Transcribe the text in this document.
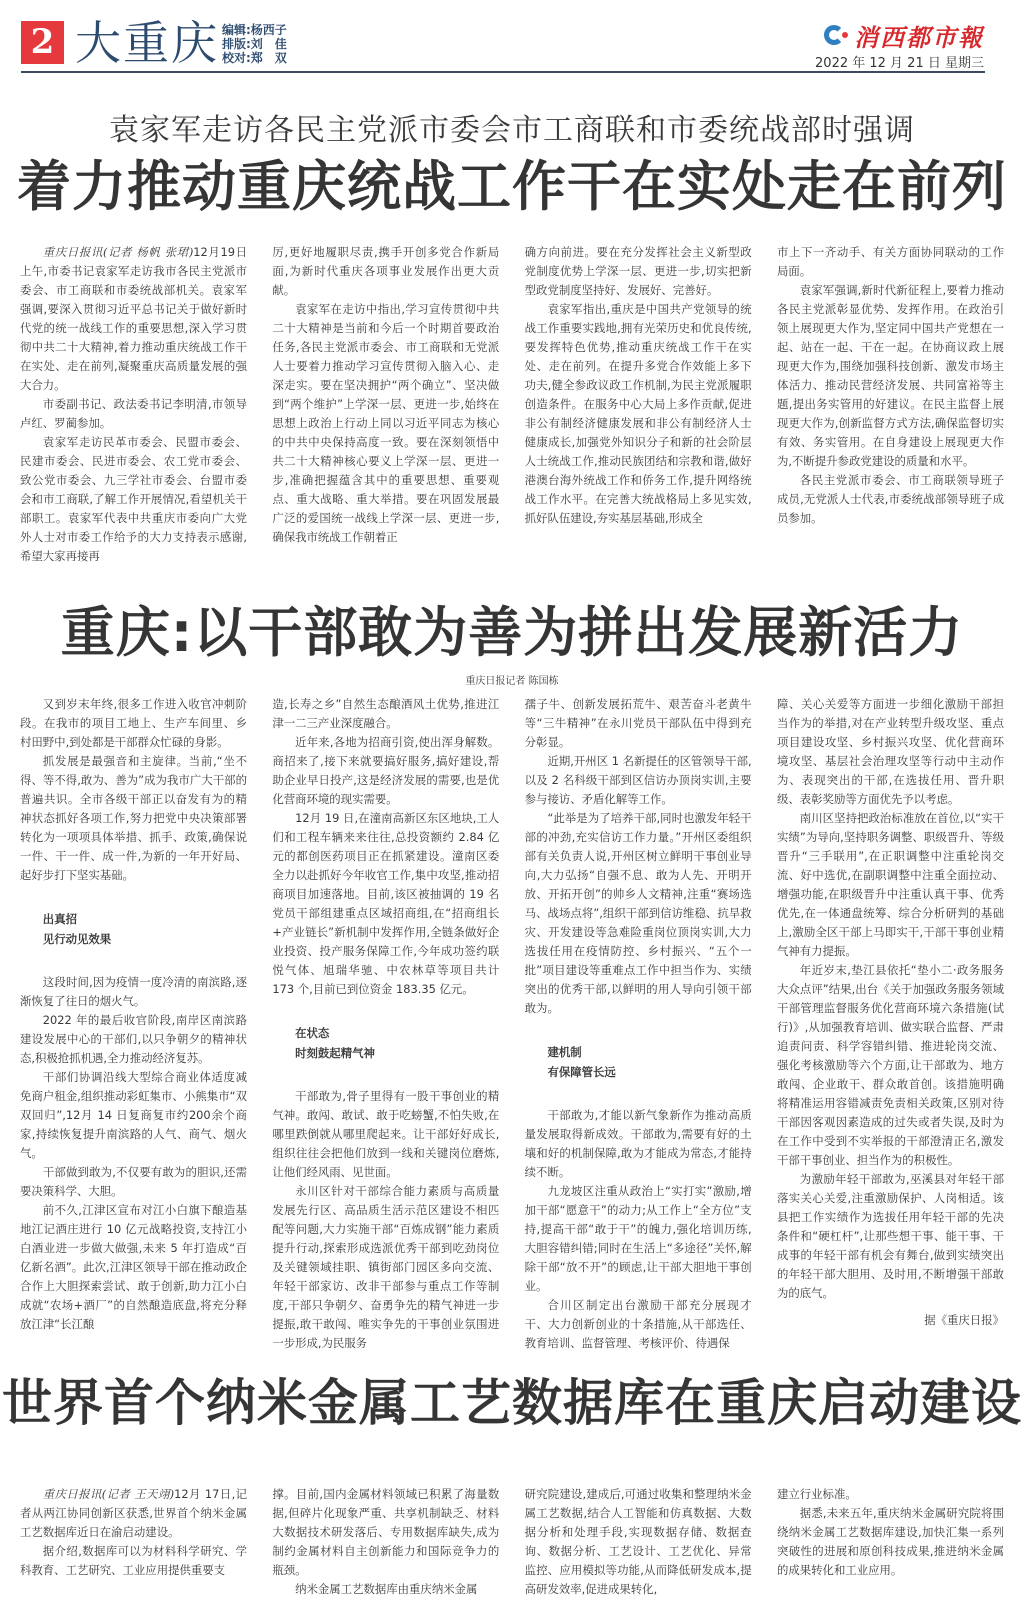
2 大重庆 编辑:杨西子
排版:刘　佳
校对:郑　双
消西都市報
2022 年 12 月 21 日 星期三
袁家军走访各民主党派市委会市工商联和市委统战部时强调
着力推动重庆统战工作干在实处走在前列

重庆日报讯(记者 杨帆 张珺)12月19日上午,市委书记袁家军走访我市各民主党派市委会、市工商联和市委统战部机关。袁家军强调,要深入贯彻习近平总书记关于做好新时代党的统一战线工作的重要思想,深入学习贯彻中共二十大精神,着力推动重庆统战工作干在实处、走在前列,凝聚重庆高质量发展的强大合力。

市委副书记、政法委书记李明清,市领导卢红、罗蔺参加。

袁家军走访民革市委会、民盟市委会、民建市委会、民进市委会、农工党市委会、致公党市委会、九三学社市委会、台盟市委会和市工商联,了解工作开展情况,看望机关干部职工。袁家军代表中共重庆市委向广大党外人士对市委工作给予的大力支持表示感谢,希望大家再接再

厉,更好地履职尽责,携手开创多党合作新局面,为新时代重庆各项事业发展作出更大贡献。

袁家军在走访中指出,学习宣传贯彻中共二十大精神是当前和今后一个时期首要政治任务,各民主党派市委会、市工商联和无党派人士要着力推动学习宣传贯彻入脑入心、走深走实。要在坚决拥护“两个确立”、坚决做到“两个维护”上学深一层、更进一步,始终在思想上政治上行动上同以习近平同志为核心的中共中央保持高度一致。要在深刻领悟中共二十大精神核心要义上学深一层、更进一步,准确把握蕴含其中的重要思想、重要观点、重大战略、重大举措。要在巩固发展最广泛的爱国统一战线上学深一层、更进一步,确保我市统战工作朝着正

确方向前进。要在充分发挥社会主义新型政党制度优势上学深一层、更进一步,切实把新型政党制度坚持好、发展好、完善好。

袁家军指出,重庆是中国共产党领导的统战工作重要实践地,拥有光荣历史和优良传统,要发挥特色优势,推动重庆统战工作干在实处、走在前列。在提升多党合作效能上多下功夫,健全参政议政工作机制,为民主党派履职创造条件。在服务中心大局上多作贡献,促进非公有制经济健康发展和非公有制经济人士健康成长,加强党外知识分子和新的社会阶层人士统战工作,推动民族团结和宗教和谐,做好港澳台海外统战工作和侨务工作,提升网络统战工作水平。在完善大统战格局上多见实效,抓好队伍建设,夯实基层基础,形成全

市上下一齐动手、有关方面协同联动的工作局面。

袁家军强调,新时代新征程上,要着力推动各民主党派彰显优势、发挥作用。在政治引领上展现更大作为,坚定同中国共产党想在一起、站在一起、干在一起。在协商议政上展现更大作为,围绕加强科技创新、激发市场主体活力、推动民营经济发展、共同富裕等主题,提出务实管用的好建议。在民主监督上展现更大作为,创新监督方式方法,确保监督切实有效、务实管用。在自身建设上展现更大作为,不断提升参政党建设的质量和水平。

各民主党派市委会、市工商联领导班子成员,无党派人士代表,市委统战部领导班子成员参加。

重庆:以干部敢为善为拼出发展新活力
重庆日报记者 陈国栋

又到岁末年终,很多工作进入收官冲刺阶段。在我市的项目工地上、生产车间里、乡村田野中,到处都是干部群众忙碌的身影。

抓发展是最强音和主旋律。当前,“坐不得、等不得,敢为、善为”成为我市广大干部的普遍共识。全市各级干部正以奋发有为的精神状态抓好各项工作,努力把党中央决策部署转化为一项项具体举措、抓手、政策,确保说一件、干一件、成一件,为新的一年开好局、起好步打下坚实基础。

出真招
见行动见效果

这段时间,因为疫情一度冷清的南滨路,逐渐恢复了往日的烟火气。

2022 年的最后收官阶段,南岸区南滨路建设发展中心的干部们,以只争朝夕的精神状态,积极抢抓机遇,全力推动经济复苏。

干部们协调沿线大型综合商业体适度减免商户租金,组织推动彩虹集市、小熊集市“双双回归”,12月 14 日复商复市约200余个商家,持续恢复提升南滨路的人气、商气、烟火气。

干部做到敢为,不仅要有敢为的胆识,还需要决策科学、大胆。

前不久,江津区宣布对江小白旗下酿造基地江记酒庄进行 10 亿元战略投资,支持江小白酒业进一步做大做强,未来 5 年打造成“百亿新名酒”。此次,江津区领导干部在推动政企合作上大胆探索尝试、敢于创新,助力江小白成就“农场+酒厂”的自然酿造底盘,将充分释放江津“长江酿

造,长寿之乡”自然生态酿酒风土优势,推进江津一二三产业深度融合。

近年来,各地为招商引资,使出浑身解数。商招来了,接下来就要搞好服务,搞好建设,帮助企业早日投产,这是经济发展的需要,也是优化营商环境的现实需要。

12月 19 日,在潼南高新区东区地块,工人们和工程车辆来来往往,总投资额约 2.84 亿元的都创医药项目正在抓紧建设。潼南区委全力以赴抓好今年收官工作,集中攻坚,推动招商项目加速落地。目前,该区被抽调的 19 名党员干部组建重点区域招商组,在“招商组长+产业链长”新机制中发挥作用,全链条做好企业投资、投产服务保障工作,今年成功签约联悦气体、旭瑞华驰、中农林草等项目共计 173 个,目前已到位资金 183.35 亿元。

在状态
时刻鼓起精气神

干部敢为,骨子里得有一股干事创业的精气神。敢闯、敢试、敢于吃螃蟹,不怕失败,在哪里跌倒就从哪里爬起来。让干部好好成长,组织往往会把他们放到一线和关键岗位磨炼,让他们经风雨、见世面。

永川区针对干部综合能力素质与高质量发展先行区、高品质生活示范区建设不相匹配等问题,大力实施干部“百炼成钢”能力素质提升行动,探索形成选派优秀干部到吃劲岗位及关键领域挂职、镇街部门园区多向交流、年轻干部家访、改非干部参与重点工作等制度,干部只争朝夕、奋勇争先的精气神进一步提振,敢干敢闯、唯实争先的干事创业氛围进一步形成,为民服务

孺子牛、创新发展拓荒牛、艰苦奋斗老黄牛等“三牛精神”在永川党员干部队伍中得到充分彰显。

近期,开州区 1 名新提任的区管领导干部,以及 2 名科级干部到区信访办顶岗实训,主要参与接访、矛盾化解等工作。

“此举是为了培养干部,同时也激发年轻干部的冲劲,充实信访工作力量。”开州区委组织部有关负责人说,开州区树立鲜明干事创业导向,大力弘扬“自强不息、敢为人先、开明开放、开拓开创”的帅乡人文精神,注重“赛场选马、战场点将”,组织干部到信访维稳、抗旱救灾、开发建设等急难险重岗位顶岗实训,大力选拔任用在疫情防控、乡村振兴、“五个一批”项目建设等重难点工作中担当作为、实绩突出的优秀干部,以鲜明的用人导向引领干部敢为。

建机制
有保障管长远

干部敢为,才能以新气象新作为推动高质量发展取得新成效。干部敢为,需要有好的土壤和好的机制保障,敢为才能成为常态,才能持续不断。

九龙坡区注重从政治上“实打实”激励,增加干部“愿意干”的动力;从工作上“全方位”支持,提高干部“敢于干”的魄力,强化培训历练,大胆容错纠错;同时在生活上“多途径”关怀,解除干部“放不开”的顾虑,让干部大胆地干事创业。

合川区制定出台激励干部充分展现才干、大力创新创业的十条措施,从干部选任、教育培训、监督管理、考核评价、待遇保

障、关心关爱等方面进一步细化激励干部担当作为的举措,对在产业转型升级攻坚、重点项目建设攻坚、乡村振兴攻坚、优化营商环境攻坚、基层社会治理攻坚等行动中主动作为、表现突出的干部,在选拔任用、晋升职级、表彰奖励等方面优先予以考虑。

南川区坚持把政治标准放在首位,以“实干实绩”为导向,坚持职务调整、职级晋升、等级晋升“三手联用”,在正职调整中注重轮岗交流、好中选优,在副职调整中注重全面拉动、增强功能,在职级晋升中注重认真干事、优秀优先,在一体通盘统筹、综合分析研判的基础上,激励全区干部上马即实干,干部干事创业精气神有力提振。

年近岁末,垫江县依托“垫小二·政务服务大众点评”结果,出台《关于加强政务服务领域干部管理监督服务优化营商环境六条措施(试行)》,从加强教育培训、做实联合监督、严肃追责问责、科学容错纠错、推进轮岗交流、强化考核激励等六个方面,让干部敢为、地方敢闯、企业敢干、群众敢首创。该措施明确将精准运用容错减责免责相关政策,区别对待干部因客观因素造成的过失或者失误,及时为在工作中受到不实举报的干部澄清正名,激发干部干事创业、担当作为的积极性。

为激励年轻干部敢为,巫溪县对年轻干部落实关心关爱,注重激励保护、人岗相适。该县把工作实绩作为选拔任用年轻干部的先决条件和“硬杠杆”,让那些想干事、能干事、干成事的年轻干部有机会有舞台,做到实绩突出的年轻干部大胆用、及时用,不断增强干部敢为的底气。

据《重庆日报》
世界首个纳米金属工艺数据库在重庆启动建设

重庆日报讯(记者 王天翊)12月 17日,记者从两江协同创新区获悉,世界首个纳米金属工艺数据库近日在渝启动建设。

据介绍,数据库可以为材料科学研究、学科教育、工艺研究、工业应用提供重要支

撑。目前,国内金属材料领域已积累了海量数据,但碎片化现象严重、共享机制缺乏、材料大数据技术研发落后、专用数据库缺失,成为制约金属材料自主创新能力和国际竞争力的瓶颈。

纳米金属工艺数据库由重庆纳米金属

研究院建设,建成后,可通过收集和整理纳米金属工艺数据,结合人工智能和仿真数据、大数据分析和处理手段,实现数据存储、数据查询、数据分析、工艺设计、工艺优化、异常监控、应用模拟等功能,从而降低研发成本,提高研发效率,促进成果转化,

建立行业标准。

据悉,未来五年,重庆纳米金属研究院将围绕纳米金属工艺数据库建设,加快汇集一系列突破性的进展和原创科技成果,推进纳米金属的成果转化和工业应用。
